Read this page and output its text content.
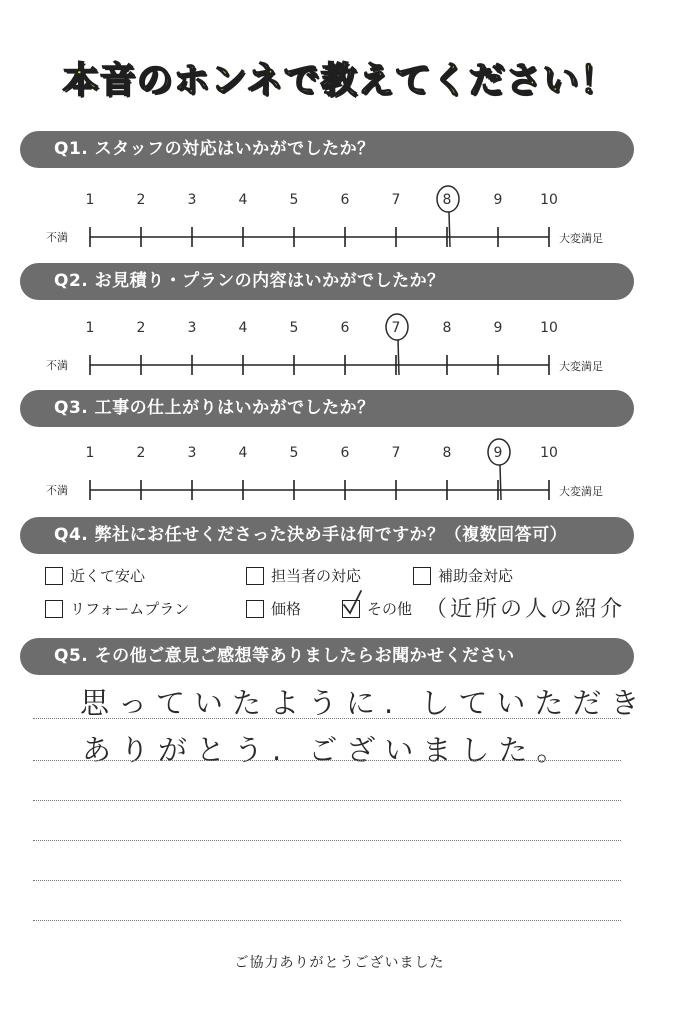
本音のホンネで教えてください！
Q1. スタッフの対応はいかがでしたか？
不満	大変満足
1	2	3	4	5	6	7	8	9	10
Q2. お見積り・プランの内容はいかがでしたか？
不満	大変満足
1	2	3	4	5	6	7	8	9	10
Q3. 工事の仕上がりはいかがでしたか？
不満	大変満足
1	2	3	4	5	6	7	8	9	10
Q4. 弊社にお任せくださった決め手は何ですか？（複数回答可）
近くて安心	担当者の対応	補助金対応
リフォームプラン	価格	その他 （近所の人の紹介
Q5. その他ご意見ご感想等ありましたらお聞かせください
思っていたように. していただき
ありがとう. ございました。
ご協力ありがとうございました
